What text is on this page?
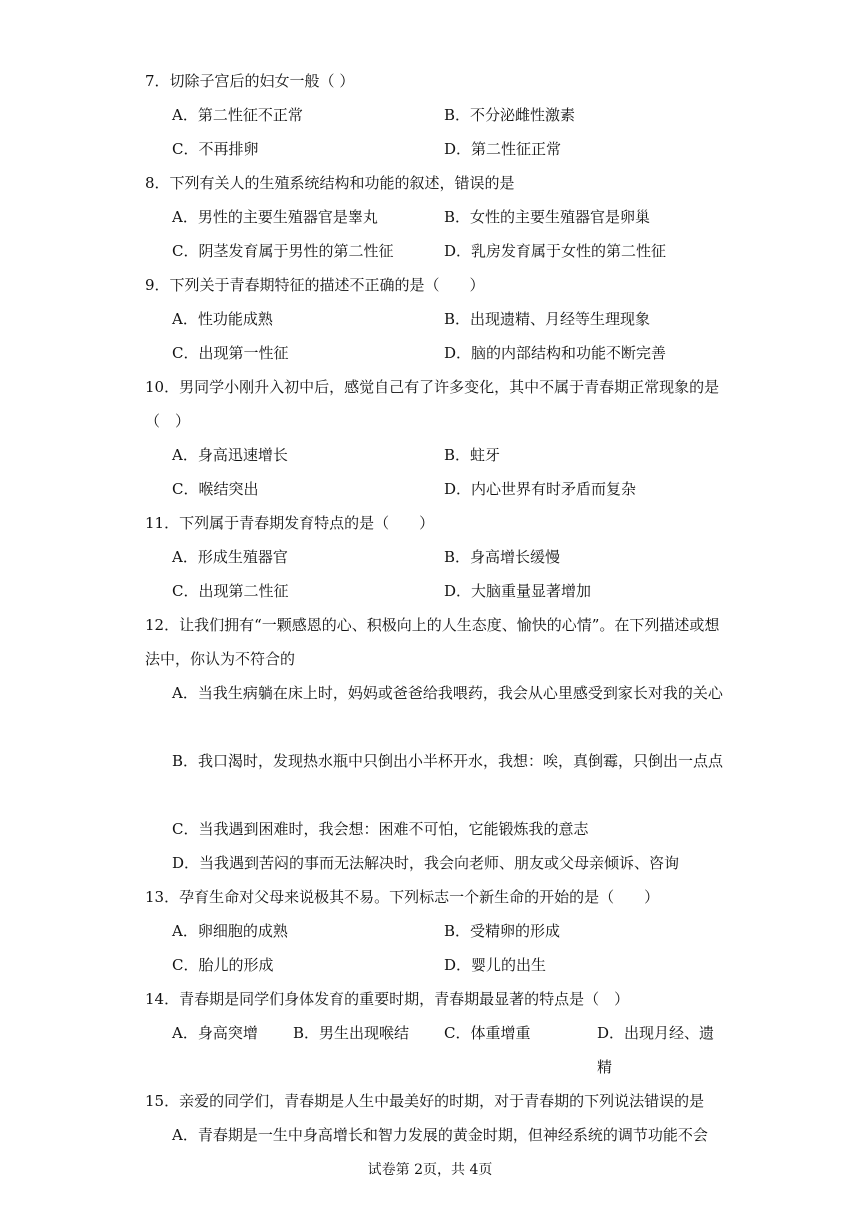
7．切除子宫后的妇女一般（ ）
A．第二性征不正常	B．不分泌雌性激素
C．不再排卵	D．第二性征正常
8．下列有关人的生殖系统结构和功能的叙述，错误的是
A．男性的主要生殖器官是睾丸	B．女性的主要生殖器官是卵巢
C．阴茎发育属于男性的第二性征	D．乳房发育属于女性的第二性征
9．下列关于青春期特征的描述不正确的是（　　）
A．性功能成熟	B．出现遗精、月经等生理现象
C．出现第一性征	D．脑的内部结构和功能不断完善
10．男同学小刚升入初中后，感觉自己有了许多变化，其中不属于青春期正常现象的是（　）
A．身高迅速增长	B．蛀牙
C．喉结突出	D．内心世界有时矛盾而复杂
11．下列属于青春期发育特点的是（　　）
A．形成生殖器官	B．身高增长缓慢
C．出现第二性征	D．大脑重量显著增加
12．让我们拥有“一颗感恩的心、积极向上的人生态度、愉快的心情”。在下列描述或想法中，你认为不符合的
A．当我生病躺在床上时，妈妈或爸爸给我喂药，我会从心里感受到家长对我的关心
B．我口渴时，发现热水瓶中只倒出小半杯开水，我想：唉，真倒霉，只倒出一点点
C．当我遇到困难时，我会想：困难不可怕，它能锻炼我的意志
D．当我遇到苦闷的事而无法解决时，我会向老师、朋友或父母亲倾诉、咨询
13．孕育生命对父母来说极其不易。下列标志一个新生命的开始的是（　　）
A．卵细胞的成熟	B．受精卵的形成
C．胎儿的形成	D．婴儿的出生
14．青春期是同学们身体发育的重要时期，青春期最显著的特点是（　）
A．身高突增 B．男生出现喉结 C．体重增重	D．出现月经、遗精
15．亲爱的同学们，青春期是人生中最美好的时期，对于青春期的下列说法错误的是
A．青春期是一生中身高增长和智力发展的黄金时期，但神经系统的调节功能不会
试卷第 2页，共 4页
